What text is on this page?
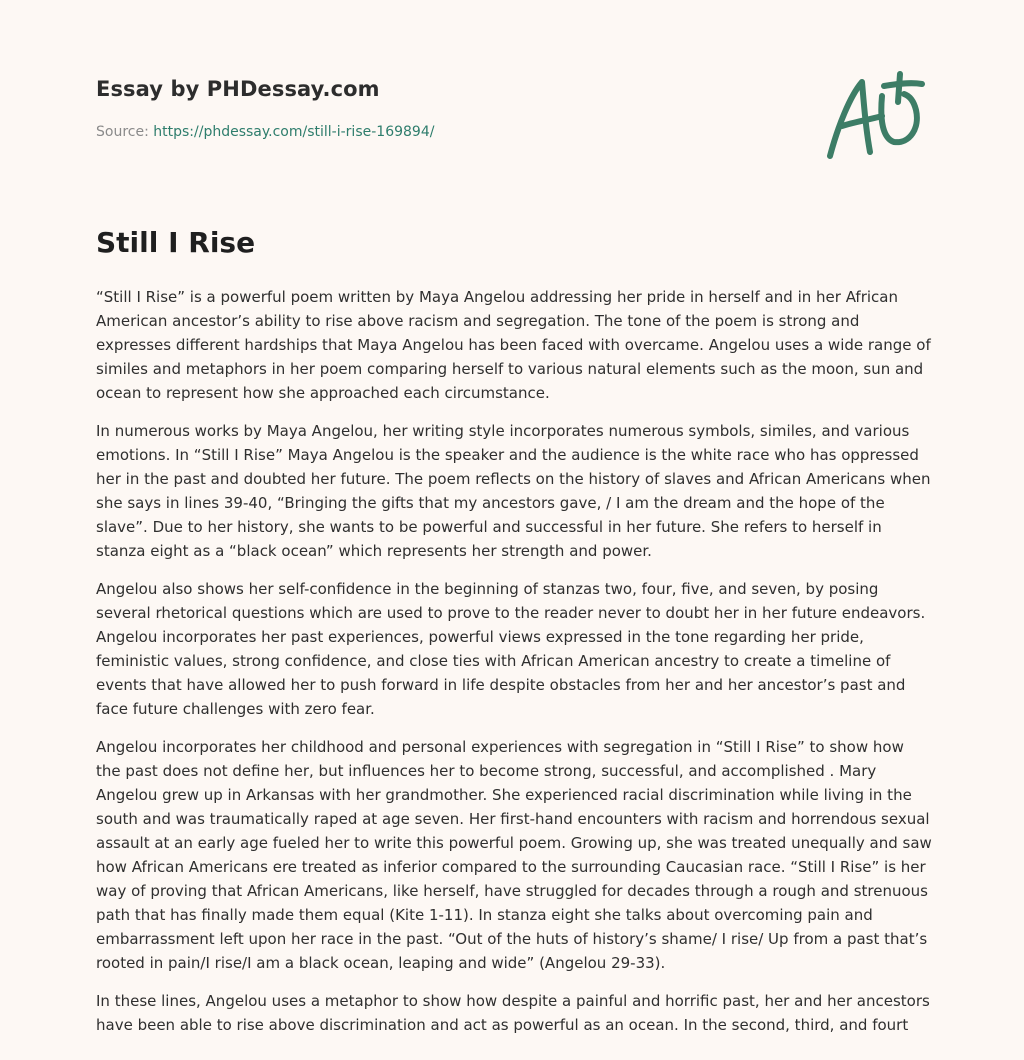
Essay by PHDessay.com
Source: https://phdessay.com/still-i-rise-169894/
Still I Rise

“Still I Rise” is a powerful poem written by Maya Angelou addressing her pride in herself and in her African American ancestor’s ability to rise above racism and segregation. The tone of the poem is strong and expresses different hardships that Maya Angelou has been faced with overcame. Angelou uses a wide range of similes and metaphors in her poem comparing herself to various natural elements such as the moon, sun and ocean to represent how she approached each circumstance.

In numerous works by Maya Angelou, her writing style incorporates numerous symbols, similes, and various emotions. In “Still I Rise” Maya Angelou is the speaker and the audience is the white race who has oppressed her in the past and doubted her future. The poem reflects on the history of slaves and African Americans when she says in lines 39-40, “Bringing the gifts that my ancestors gave, / I am the dream and the hope of the slave”. Due to her history, she wants to be powerful and successful in her future. She refers to herself in stanza eight as a “black ocean” which represents her strength and power.

Angelou also shows her self-confidence in the beginning of stanzas two, four, five, and seven, by posing several rhetorical questions which are used to prove to the reader never to doubt her in her future endeavors. Angelou incorporates her past experiences, powerful views expressed in the tone regarding her pride, feministic values, strong confidence, and close ties with African American ancestry to create a timeline of events that have allowed her to push forward in life despite obstacles from her and her ancestor’s past and face future challenges with zero fear.

Angelou incorporates her childhood and personal experiences with segregation in “Still I Rise” to show how the past does not define her, but influences her to become strong, successful, and accomplished . Mary Angelou grew up in Arkansas with her grandmother. She experienced racial discrimination while living in the south and was traumatically raped at age seven. Her first-hand encounters with racism and horrendous sexual assault at an early age fueled her to write this powerful poem. Growing up, she was treated unequally and saw how African Americans ere treated as inferior compared to the surrounding Caucasian race. “Still I Rise” is her way of proving that African Americans, like herself, have struggled for decades through a rough and strenuous path that has finally made them equal (Kite 1-11). In stanza eight she talks about overcoming pain and embarrassment left upon her race in the past. “Out of the huts of history’s shame/ I rise/ Up from a past that’s rooted in pain/I rise/I am a black ocean, leaping and wide” (Angelou 29-33).

In these lines, Angelou uses a metaphor to show how despite a painful and horrific past, her and her ancestors have been able to rise above discrimination and act as powerful as an ocean. In the second, third, and fourt
